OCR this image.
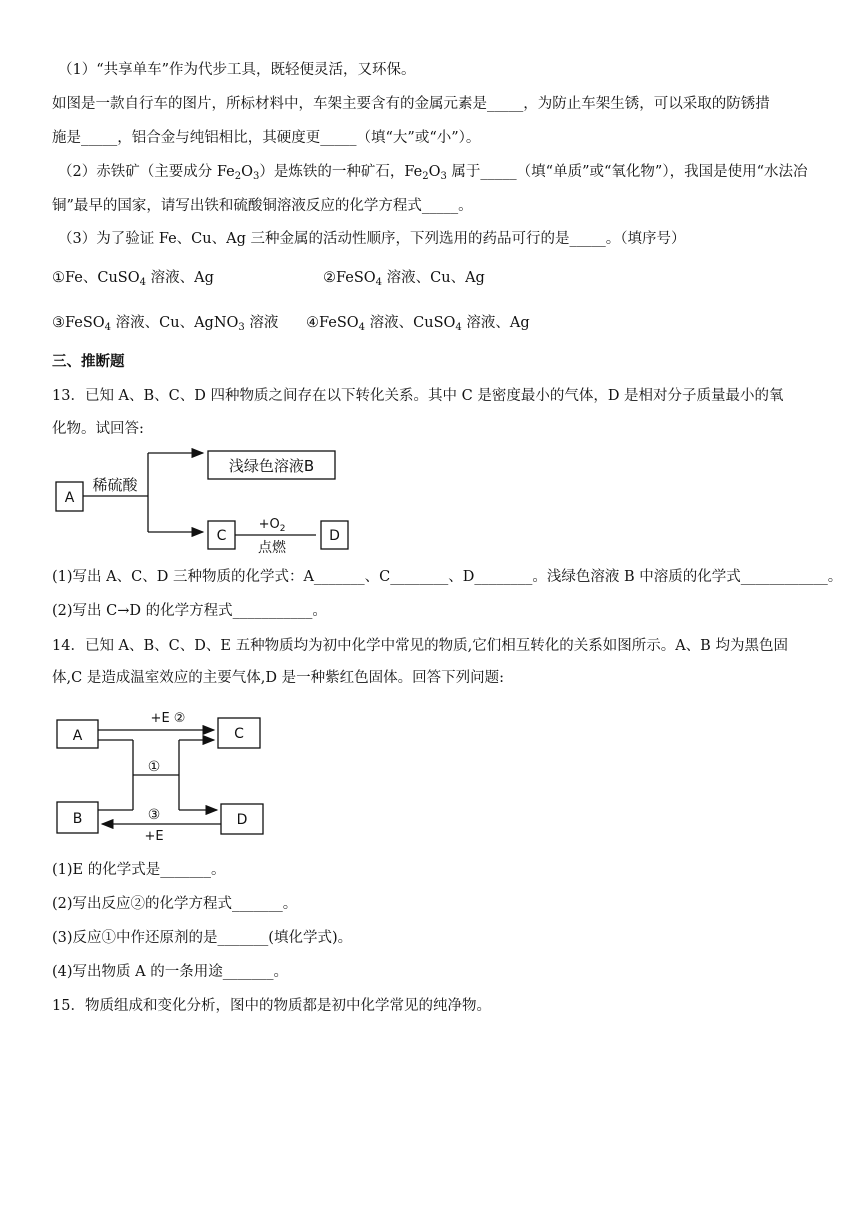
（1）“共享单车”作为代步工具，既轻便灵活，又环保。
如图是一款自行车的图片，所标材料中，车架主要含有的金属元素是_____，为防止车架生锈，可以采取的防锈措
施是_____，铝合金与纯铝相比，其硬度更_____（填“大”或“小”）。
（2）赤铁矿（主要成分 $Fe_2O_3$）是炼铁的一种矿石，$Fe_2O_3$ 属于_____（填“单质”或“氧化物”），我国是使用“水法冶
铜”最早的国家，请写出铁和硫酸铜溶液反应的化学方程式_____。
（3）为了验证 Fe、Cu、Ag 三种金属的活动性顺序，下列选用的药品可行的是_____。（填序号）
①Fe、CuSO$_4$ 溶液、Ag	②FeSO$_4$ 溶液、Cu、Ag
③FeSO$_4$ 溶液、Cu、AgNO$_3$ 溶液 ④FeSO$_4$ 溶液、CuSO$_4$ 溶液、Ag
三、推断题
13．已知 A、B、C、D 四种物质之间存在以下转化关系。其中 C 是密度最小的气体，D 是相对分子质量最小的氧
化物。试回答:
A
稀硫酸
浅绿色溶液B
C
$+O_2$
点燃
D
(1)写出 A、C、D 三种物质的化学式：A_______、C________、D________。浅绿色溶液 B 中溶质的化学式____________。
(2)写出 C→D 的化学方程式___________。
14．已知 A、B、C、D、E 五种物质均为初中化学中常见的物质,它们相互转化的关系如图所示。A、B 均为黑色固
体,C 是造成温室效应的主要气体,D 是一种紫红色固体。回答下列问题:
A	C
B	D
+E ②
①
③
+E
(1)E 的化学式是_______。
(2)写出反应②的化学方程式_______。
(3)反应①中作还原剂的是_______(填化学式)。
(4)写出物质 A 的一条用途_______。
15．物质组成和变化分析，图中的物质都是初中化学常见的纯净物。
